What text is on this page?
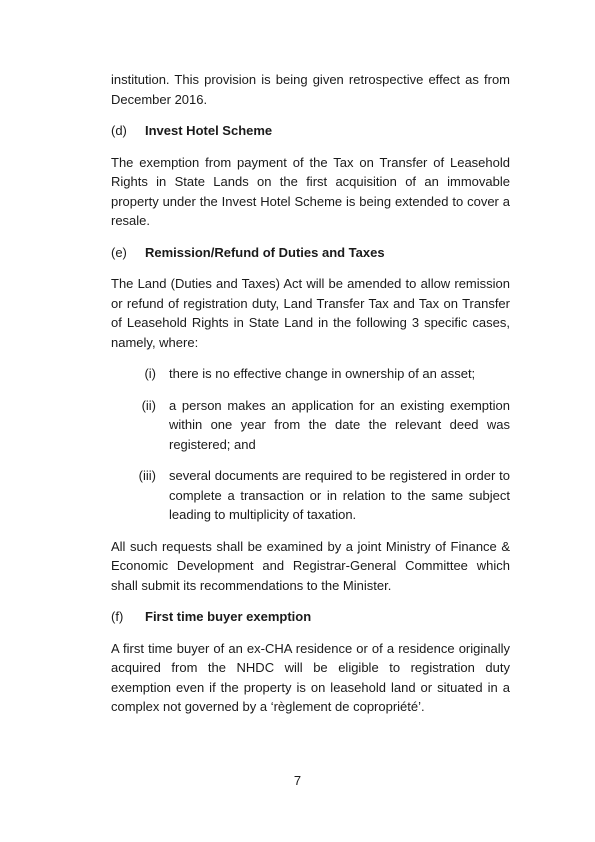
institution. This provision is being given retrospective effect as from December 2016.

(d)	Invest Hotel Scheme

The exemption from payment of the Tax on Transfer of Leasehold Rights in State Lands on the first acquisition of an immovable property under the Invest Hotel Scheme is being extended to cover a resale.

(e)	Remission/Refund of Duties and Taxes

The Land (Duties and Taxes) Act will be amended to allow remission or refund of registration duty, Land Transfer Tax and Tax on Transfer of Leasehold Rights in State Land in the following 3 specific cases, namely, where:

(i)	there is no effective change in ownership of an asset;
(ii)	a person makes an application for an existing exemption within one year from the date the relevant deed was registered; and
(iii)	several documents are required to be registered in order to complete a transaction or in relation to the same subject leading to multiplicity of taxation.

All such requests shall be examined by a joint Ministry of Finance & Economic Development and Registrar-General Committee which shall submit its recommendations to the Minister.

(f)	First time buyer exemption

A first time buyer of an ex-CHA residence or of a residence originally acquired from the NHDC will be eligible to registration duty exemption even if the property is on leasehold land or situated in a complex not governed by a ‘règlement de copropriété’.

7
